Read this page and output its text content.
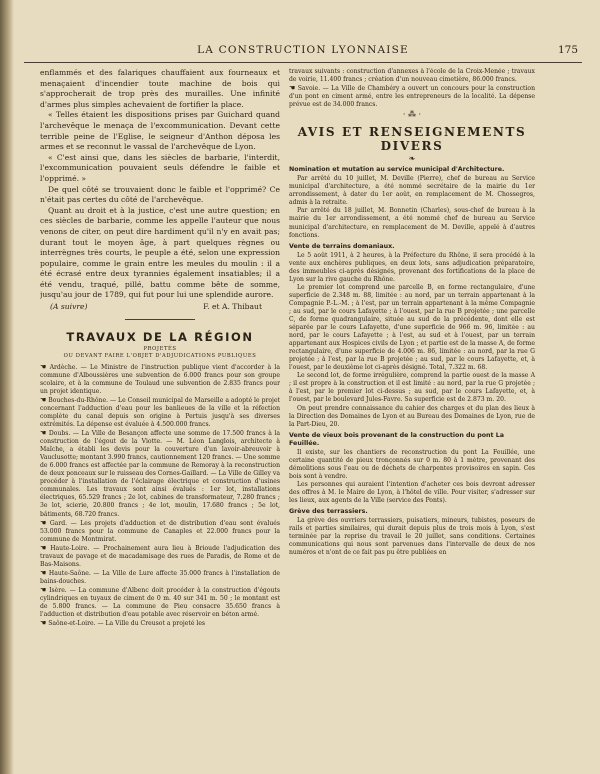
LA CONSTRUCTION LYONNAISE	175

enflammés et des falariques chauffaient aux fourneaux et menaçaient d'incendier toute machine de bois qui s'approcherait de trop près des murailles. Une infinité d'armes plus simples achevaient de fortifier la place.

« Telles étaient les dispositions prises par Guichard quand l'archevêque le menaça de l'excommunication. Devant cette terrible peine de l'Eglise, le seigneur d'Anthon déposa les armes et se reconnut le vassal de l'archevêque de Lyon.

« C'est ainsi que, dans les siècles de barbarie, l'interdit, l'excommunication pouvaient seuls défendre le faible et l'opprimé. »

De quel côté se trouvaient donc le faible et l'opprimé? Ce n'était pas certes du côté de l'archevêque.

Quant au droit et à la justice, c'est une autre question; en ces siècles de barbarie, comme les appelle l'auteur que nous venons de citer, on peut dire hardiment qu'il n'y en avait pas; durant tout le moyen âge, à part quelques règnes ou interrègnes très courts, le peuple a été, selon une expression populaire, comme le grain entre les meules du moulin : il a été écrasé entre deux tyrannies également insatiables; il a été vendu, traqué, pillé, battu comme bête de somme, jusqu'au jour de 1789, qui fut pour lui une splendide aurore.

(A suivre)	F. et A. Thibaut
TRAVAUX DE LA RÉGION
PROJETÉS
OU DEVANT FAIRE L'OBJET D'ADJUDICATIONS PUBLIQUES

☚ Ardèche. — Le Ministre de l'instruction publique vient d'accorder à la commune d'Alboussières une subvention de 6.000 francs pour son groupe scolaire, et à la commune de Toulaud une subvention de 2.835 francs pour un projet identique.

☚ Bouches-du-Rhône. — Le Conseil municipal de Marseille a adopté le projet concernant l'adduction d'eau pour les banlieues de la ville et la réfection complète du canal depuis son origine à Pertuis jusqu'à ses diverses extrémités. La dépense est évaluée à 4.500.000 francs.

☚ Doubs. — La Ville de Besançon affecte une somme de 17.500 francs à la construction de l'égout de la Viotte. — M. Léon Langlois, architecte à Maîche, a établi les devis pour la couverture d'un lavoir-abreuvoir à Vauclusotte; montant 3.990 francs, cautionnement 120 francs. — Une somme de 6.000 francs est affectée par la commune de Remoray à la reconstruction de deux ponceaux sur le ruisseau des Cornes-Gaillard. — La Ville de Gilley va procéder à l'installation de l'éclairage électrique et construction d'usines communales. Les travaux sont ainsi évalués : 1er lot, installations électriques, 65.529 francs ; 2e lot, cabines de transformateur, 7.280 francs ; 3e lot, scierie, 20.800 francs ; 4e lot, moulin, 17.680 francs ; 5e lot, bâtiments, 68.720 francs.

☚ Gard. — Les projets d'adduction et de distribution d'eau sont évalués 53.000 francs pour la commune de Canaples et 22.000 francs pour la commune de Montmirat.

☚ Haute-Loire. — Prochainement aura lieu à Brioude l'adjudication des travaux de pavage et de macadamisage des rues de Paradis, de Rome et de Bas-Maisons.

☚ Haute-Saône. — La Ville de Lure affecte 35.000 francs à l'installation de bains-douches.

☚ Isère. — La commune d'Albenc doit procéder à la construction d'égouts cylindriques en tuyaux de ciment de 0 m. 40 sur 341 m. 50 ; le montant est de 5.800 francs. — La commune de Pieu consacre 35.650 francs à l'adduction et distribution d'eau potable avec réservoir en béton armé.

☚ Saône-et-Loire. — La Ville du Creusot a projeté les

travaux suivants : construction d'annexes à l'école de la Croix-Menée ; travaux de voirie, 11.400 francs ; création d'un nouveau cimetière, 86.000 francs.

☚ Savoie. — La Ville de Chambéry a ouvert un concours pour la construction d'un pont en ciment armé, entre les entrepreneurs de la localité. La dépense prévue est de 34.000 francs.

· ⁂ ·
AVIS ET RENSEIGNEMENTS DIVERS
❧
Nomination et mutation au service municipal d'Architecture.

Par arrêté du 10 juillet, M. Deville (Pierre), chef de bureau au Service municipal d'architecture, a été nommé secrétaire de la mairie du 1er arrondissement, à dater du 1er août, en remplacement de M. Chossegros, admis à la retraite.

Par arrêté du 18 juillet, M. Bonnetin (Charles), sous-chef de bureau à la mairie du 1er arrondissement, a été nommé chef de bureau au Service municipal d'architecture, en remplacement de M. Deville, appelé à d'autres fonctions.

Vente de terrains domaniaux.

Le 5 août 1911, à 2 heures, à la Préfecture du Rhône, il sera procédé à la vente aux enchères publiques, en deux lots, sans adjudication préparatoire, des immeubles ci-après désignés, provenant des fortifications de la place de Lyon sur la rive gauche du Rhône.

Le premier lot comprend une parcelle B, en forme rectangulaire, d'une superficie de 2.348 m. 88, limitée : au nord, par un terrain appartenant à la Compagnie P.-L.-M. ; à l'est, par un terrain appartenant à la même Compagnie ; au sud, par le cours Lafayette ; à l'ouest, par la rue B projetée ; une parcelle C, de forme quadrangulaire, située au sud de la précédente, dont elle est séparée par le cours Lafayette, d'une superficie de 966 m. 96, limitée : au nord, par le cours Lafayette ; à l'est, au sud et à l'ouest, par un terrain appartenant aux Hospices civils de Lyon ; et partie est de la masse A, de forme rectangulaire, d'une superficie de 4.006 m. 86, limitée : au nord, par la rue G projetée ; à l'est, par la rue B projetée ; au sud, par le cours Lafayette, et, à l'ouest, par le deuxième lot ci-après désigné. Total, 7.322 m. 68.

Le second lot, de forme irrégulière, comprend la partie ouest de la masse A ; il est propre à la construction et il est limité : au nord, par la rue G projetée ; à l'est, par le premier lot ci-dessus ; au sud, par le cours Lafayette, et, à l'ouest, par le boulevard Jules-Favre. Sa superficie est de 2.873 m. 20.

On peut prendre connaissance du cahier des charges et du plan des lieux à la Direction des Domaines de Lyon et au Bureau des Domaines de Lyon, rue de la Part-Dieu, 20.

Vente de vieux bois provenant de la construction du pont La Feuillée.

Il existe, sur les chantiers de reconstruction du pont La Feuillée, une certaine quantité de pieux tronçonnés sur 0 m. 80 à 1 mètre, provenant des démolitions sous l'eau ou de déchets de charpentes provisoires en sapin. Ces bois sont à vendre.

Les personnes qui auraient l'intention d'acheter ces bois devront adresser des offres à M. le Maire de Lyon, à l'hôtel de ville. Pour visiter, s'adresser sur les lieux, aux agents de la Ville (service des Ponts).

Grève des terrassiers.

La grève des ouvriers terrassiers, puisatiers, mineurs, tubistes, poseurs de rails et parties similaires, qui durait depuis plus de trois mois à Lyon, s'est terminée par la reprise du travail le 20 juillet, sans conditions. Certaines communications qui nous sont parvenues dans l'intervalle de deux de nos numéros et n'ont de ce fait pas pu être publiées en
